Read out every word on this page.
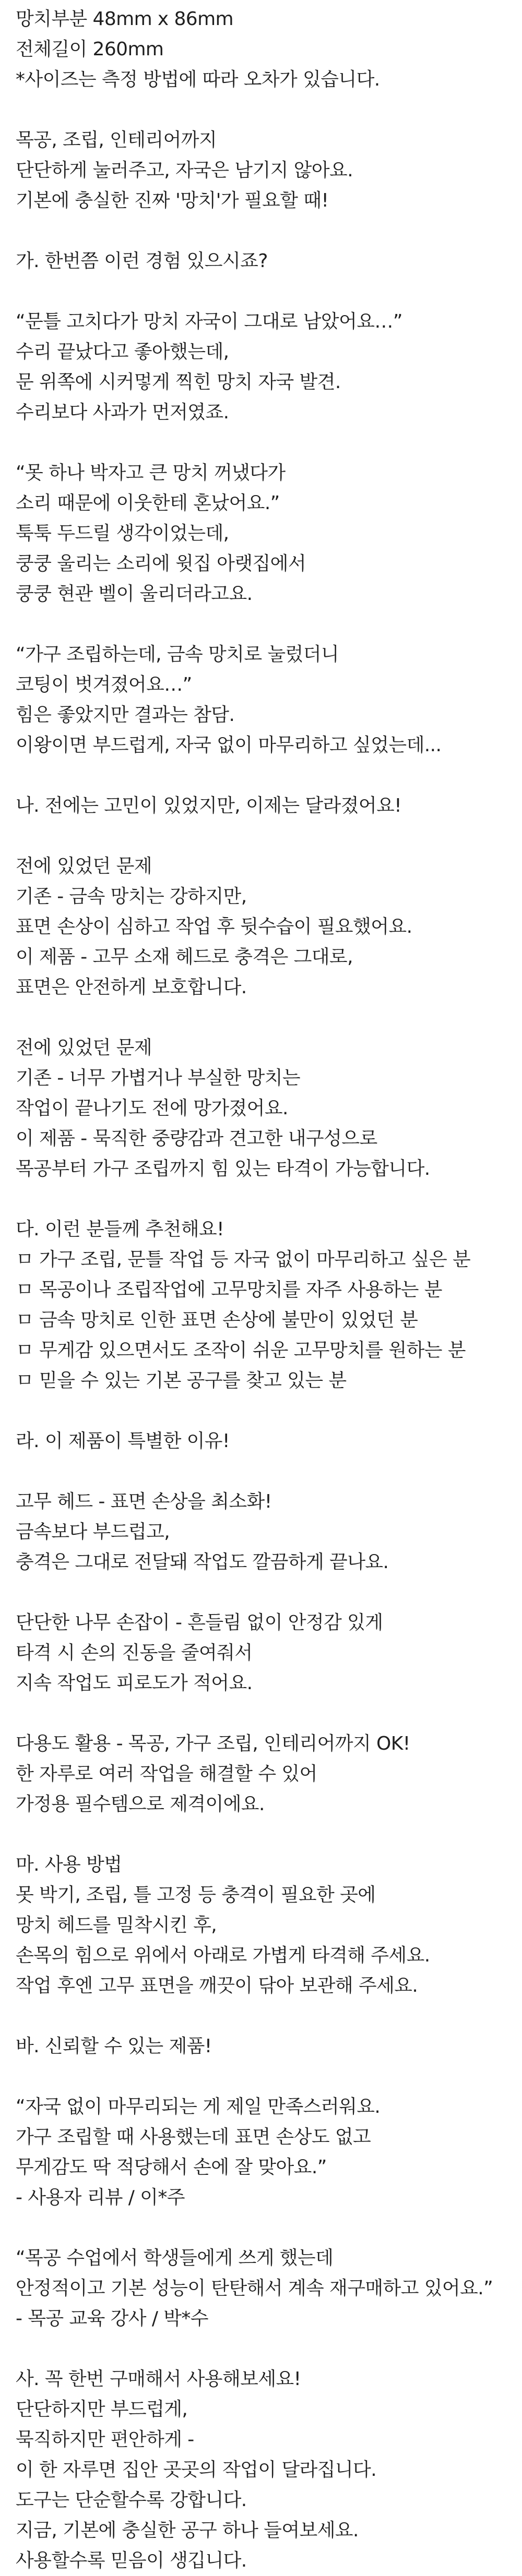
망치부분 48mm x 86mm
전체길이 260mm
*사이즈는 측정 방법에 따라 오차가 있습니다.
목공, 조립, 인테리어까지
단단하게 눌러주고, 자국은 남기지 않아요.
기본에 충실한 진짜 '망치'가 필요할 때!
가. 한번쯤 이런 경험 있으시죠?
“문틀 고치다가 망치 자국이 그대로 남았어요…”
수리 끝났다고 좋아했는데,
문 위쪽에 시커멓게 찍힌 망치 자국 발견.
수리보다 사과가 먼저였죠.
“못 하나 박자고 큰 망치 꺼냈다가
소리 때문에 이웃한테 혼났어요.”
툭툭 두드릴 생각이었는데,
쿵쿵 울리는 소리에 윗집 아랫집에서
쿵쿵 현관 벨이 울리더라고요.
“가구 조립하는데, 금속 망치로 눌렀더니
코팅이 벗겨졌어요…”
힘은 좋았지만 결과는 참담.
이왕이면 부드럽게, 자국 없이 마무리하고 싶었는데...
나. 전에는 고민이 있었지만, 이제는 달라졌어요!
전에 있었던 문제
기존 - 금속 망치는 강하지만,
표면 손상이 심하고 작업 후 뒷수습이 필요했어요.
이 제품 - 고무 소재 헤드로 충격은 그대로,
표면은 안전하게 보호합니다.
전에 있었던 문제
기존 - 너무 가볍거나 부실한 망치는
작업이 끝나기도 전에 망가졌어요.
이 제품 - 묵직한 중량감과 견고한 내구성으로
목공부터 가구 조립까지 힘 있는 타격이 가능합니다.
다. 이런 분들께 추천해요!
ㅁ 가구 조립, 문틀 작업 등 자국 없이 마무리하고 싶은 분
ㅁ 목공이나 조립작업에 고무망치를 자주 사용하는 분
ㅁ 금속 망치로 인한 표면 손상에 불만이 있었던 분
ㅁ 무게감 있으면서도 조작이 쉬운 고무망치를 원하는 분
ㅁ 믿을 수 있는 기본 공구를 찾고 있는 분
라. 이 제품이 특별한 이유!
고무 헤드 - 표면 손상을 최소화!
금속보다 부드럽고,
충격은 그대로 전달돼 작업도 깔끔하게 끝나요.
단단한 나무 손잡이 - 흔들림 없이 안정감 있게
타격 시 손의 진동을 줄여줘서
지속 작업도 피로도가 적어요.
다용도 활용 - 목공, 가구 조립, 인테리어까지 OK!
한 자루로 여러 작업을 해결할 수 있어
가정용 필수템으로 제격이에요.
마. 사용 방법
못 박기, 조립, 틀 고정 등 충격이 필요한 곳에
망치 헤드를 밀착시킨 후,
손목의 힘으로 위에서 아래로 가볍게 타격해 주세요.
작업 후엔 고무 표면을 깨끗이 닦아 보관해 주세요.
바. 신뢰할 수 있는 제품!
“자국 없이 마무리되는 게 제일 만족스러워요.
가구 조립할 때 사용했는데 표면 손상도 없고
무게감도 딱 적당해서 손에 잘 맞아요.”
- 사용자 리뷰 / 이*주
“목공 수업에서 학생들에게 쓰게 했는데
안정적이고 기본 성능이 탄탄해서 계속 재구매하고 있어요.”
- 목공 교육 강사 / 박*수
사. 꼭 한번 구매해서 사용해보세요!
단단하지만 부드럽게,
묵직하지만 편안하게 -
이 한 자루면 집안 곳곳의 작업이 달라집니다.
도구는 단순할수록 강합니다.
지금, 기본에 충실한 공구 하나 들여보세요.
사용할수록 믿음이 생깁니다.
